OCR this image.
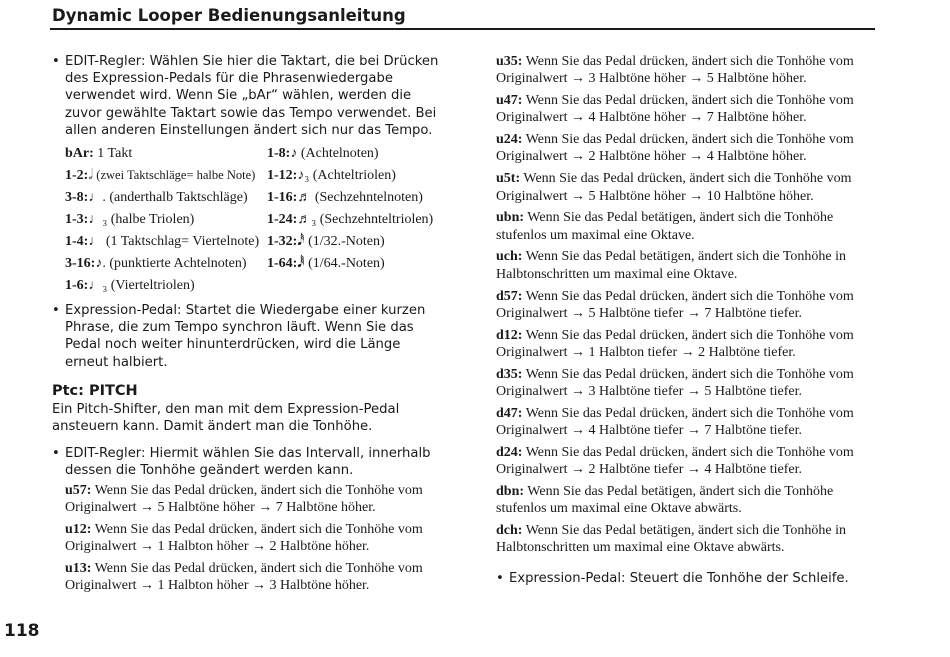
Dynamic Looper Bedienungsanleitung
• EDIT-Regler: Wählen Sie hier die Taktart, die bei Drücken des Expression-Pedals für die Phrasenwiedergabe verwendet wird. Wenn Sie „bAr“ wählen, werden die zuvor gewählte Taktart sowie das Tempo verwendet. Bei allen anderen Einstellungen ändert sich nur das Tempo.
bAr: 1 Takt
1-2:𝅗𝅥 (zwei Taktschläge= halbe Note)
3-8:♩. (anderthalb Taktschläge)
1-3:♩₃ (halbe Triolen)
1-4:♩ (1 Taktschlag= Viertelnote)
3-16:♪. (punktierte Achtelnoten)
1-6:♩₃ (Vierteltriolen)
1-8:♪ (Achtelnoten)
1-12:♪₃ (Achteltriolen)
1-16:♬ (Sechzehntelnoten)
1-24:♬₃ (Sechzehnteltriolen)
1-32:𝅘𝅥𝅰 (1/32.-Noten)
1-64:𝅘𝅥𝅱 (1/64.-Noten)
• Expression-Pedal: Startet die Wiedergabe einer kurzen Phrase, die zum Tempo synchron läuft. Wenn Sie das Pedal noch weiter hinunterdrücken, wird die Länge erneut halbiert.
Ptc: PITCH
Ein Pitch-Shifter, den man mit dem Expression-Pedal ansteuern kann. Damit ändert man die Tonhöhe.
• EDIT-Regler: Hiermit wählen Sie das Intervall, innerhalb dessen die Tonhöhe geändert werden kann.
u57: Wenn Sie das Pedal drücken, ändert sich die Tonhöhe vom Originalwert → 5 Halbtöne höher → 7 Halbtöne höher.
u12: Wenn Sie das Pedal drücken, ändert sich die Tonhöhe vom Originalwert → 1 Halbton höher → 2 Halbtöne höher.
u13: Wenn Sie das Pedal drücken, ändert sich die Tonhöhe vom Originalwert → 1 Halbton höher → 3 Halbtöne höher.
u35: Wenn Sie das Pedal drücken, ändert sich die Tonhöhe vom Originalwert → 3 Halbtöne höher → 5 Halbtöne höher.
u47: Wenn Sie das Pedal drücken, ändert sich die Tonhöhe vom Originalwert → 4 Halbtöne höher → 7 Halbtöne höher.
u24: Wenn Sie das Pedal drücken, ändert sich die Tonhöhe vom Originalwert → 2 Halbtöne höher → 4 Halbtöne höher.
u5t: Wenn Sie das Pedal drücken, ändert sich die Tonhöhe vom Originalwert → 5 Halbtöne höher → 10 Halbtöne höher.
ubn: Wenn Sie das Pedal betätigen, ändert sich die Tonhöhe stufenlos um maximal eine Oktave.
uch: Wenn Sie das Pedal betätigen, ändert sich die Tonhöhe in Halbtonschritten um maximal eine Oktave.
d57: Wenn Sie das Pedal drücken, ändert sich die Tonhöhe vom Originalwert → 5 Halbtöne tiefer → 7 Halbtöne tiefer.
d12: Wenn Sie das Pedal drücken, ändert sich die Tonhöhe vom Originalwert → 1 Halbton tiefer → 2 Halbtöne tiefer.
d35: Wenn Sie das Pedal drücken, ändert sich die Tonhöhe vom Originalwert → 3 Halbtöne tiefer → 5 Halbtöne tiefer.
d47: Wenn Sie das Pedal drücken, ändert sich die Tonhöhe vom Originalwert → 4 Halbtöne tiefer → 7 Halbtöne tiefer.
d24: Wenn Sie das Pedal drücken, ändert sich die Tonhöhe vom Originalwert → 2 Halbtöne tiefer → 4 Halbtöne tiefer.
dbn: Wenn Sie das Pedal betätigen, ändert sich die Tonhöhe stufenlos um maximal eine Oktave abwärts.
dch: Wenn Sie das Pedal betätigen, ändert sich die Tonhöhe in Halbtonschritten um maximal eine Oktave abwärts.
• Expression-Pedal: Steuert die Tonhöhe der Schleife.
118
